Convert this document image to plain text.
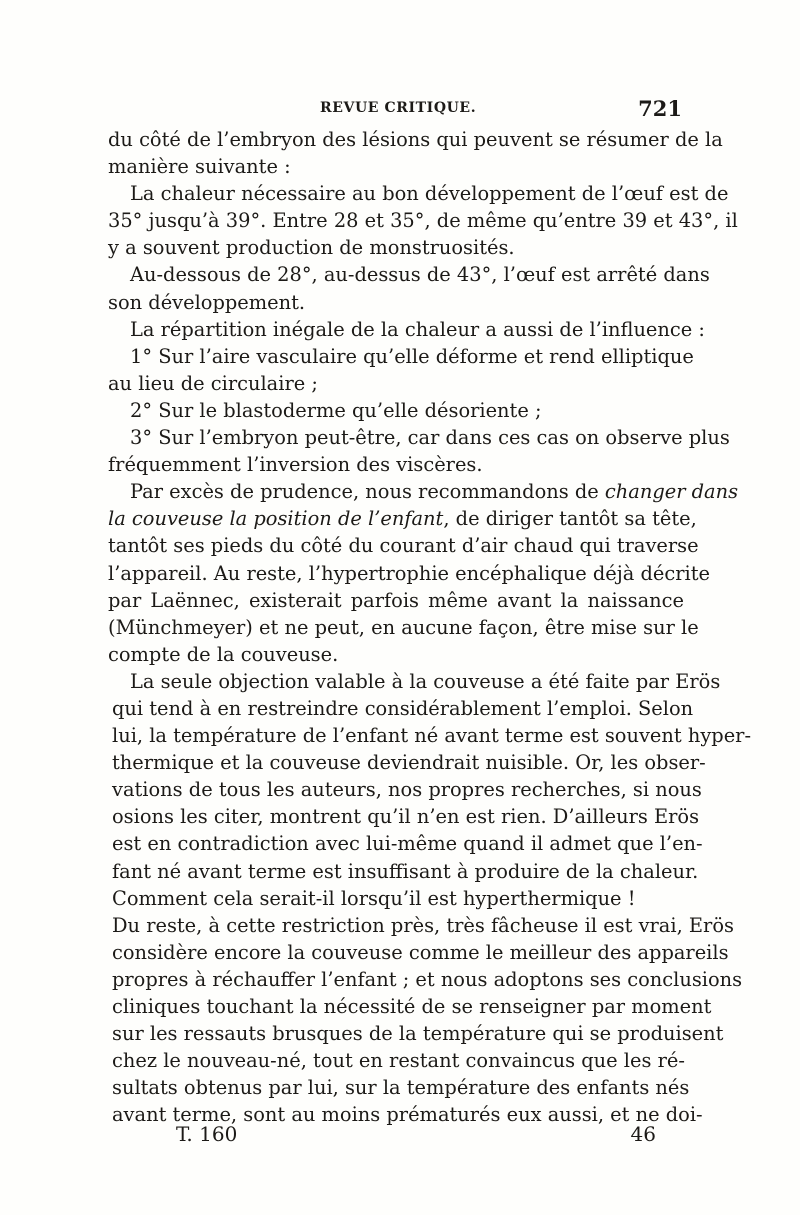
REVUE CRITIQUE.	721
du côté de l’embryon des lésions qui peuvent se résumer de la
manière suivante :
La chaleur nécessaire au bon développement de l’œuf est de
35° jusqu’à 39°. Entre 28 et 35°, de même qu’entre 39 et 43°, il
y a souvent production de monstruosités.
Au-dessous de 28°, au-dessus de 43°, l’œuf est arrêté dans
son développement.
La répartition inégale de la chaleur a aussi de l’influence :
1° Sur l’aire vasculaire qu’elle déforme et rend elliptique
au lieu de circulaire ;
2° Sur le blastoderme qu’elle désoriente ;
3° Sur l’embryon peut-être, car dans ces cas on observe plus
fréquemment l’inversion des viscères.
Par excès de prudence, nous recommandons de changer dans
la couveuse la position de l’enfant, de diriger tantôt sa tête,
tantôt ses pieds du côté du courant d’air chaud qui traverse
l’appareil. Au reste, l’hypertrophie encéphalique déjà décrite
par Laënnec, existerait parfois même avant la naissance
(Münchmeyer) et ne peut, en aucune façon, être mise sur le
compte de la couveuse.
La seule objection valable à la couveuse a été faite par Erös
qui tend à en restreindre considérablement l’emploi. Selon
lui, la température de l’enfant né avant terme est souvent hyper-
thermique et la couveuse deviendrait nuisible. Or, les obser-
vations de tous les auteurs, nos propres recherches, si nous
osions les citer, montrent qu’il n’en est rien. D’ailleurs Erös
est en contradiction avec lui-même quand il admet que l’en-
fant né avant terme est insuffisant à produire de la chaleur.
Comment cela serait-il lorsqu’il est hyperthermique !
Du reste, à cette restriction près, très fâcheuse il est vrai, Erös
considère encore la couveuse comme le meilleur des appareils
propres à réchauffer l’enfant ; et nous adoptons ses conclusions
cliniques touchant la nécessité de se renseigner par moment
sur les ressauts brusques de la température qui se produisent
chez le nouveau-né, tout en restant convaincus que les ré-
sultats obtenus par lui, sur la température des enfants nés
avant terme, sont au moins prématurés eux aussi, et ne doi-
T. 160	46
